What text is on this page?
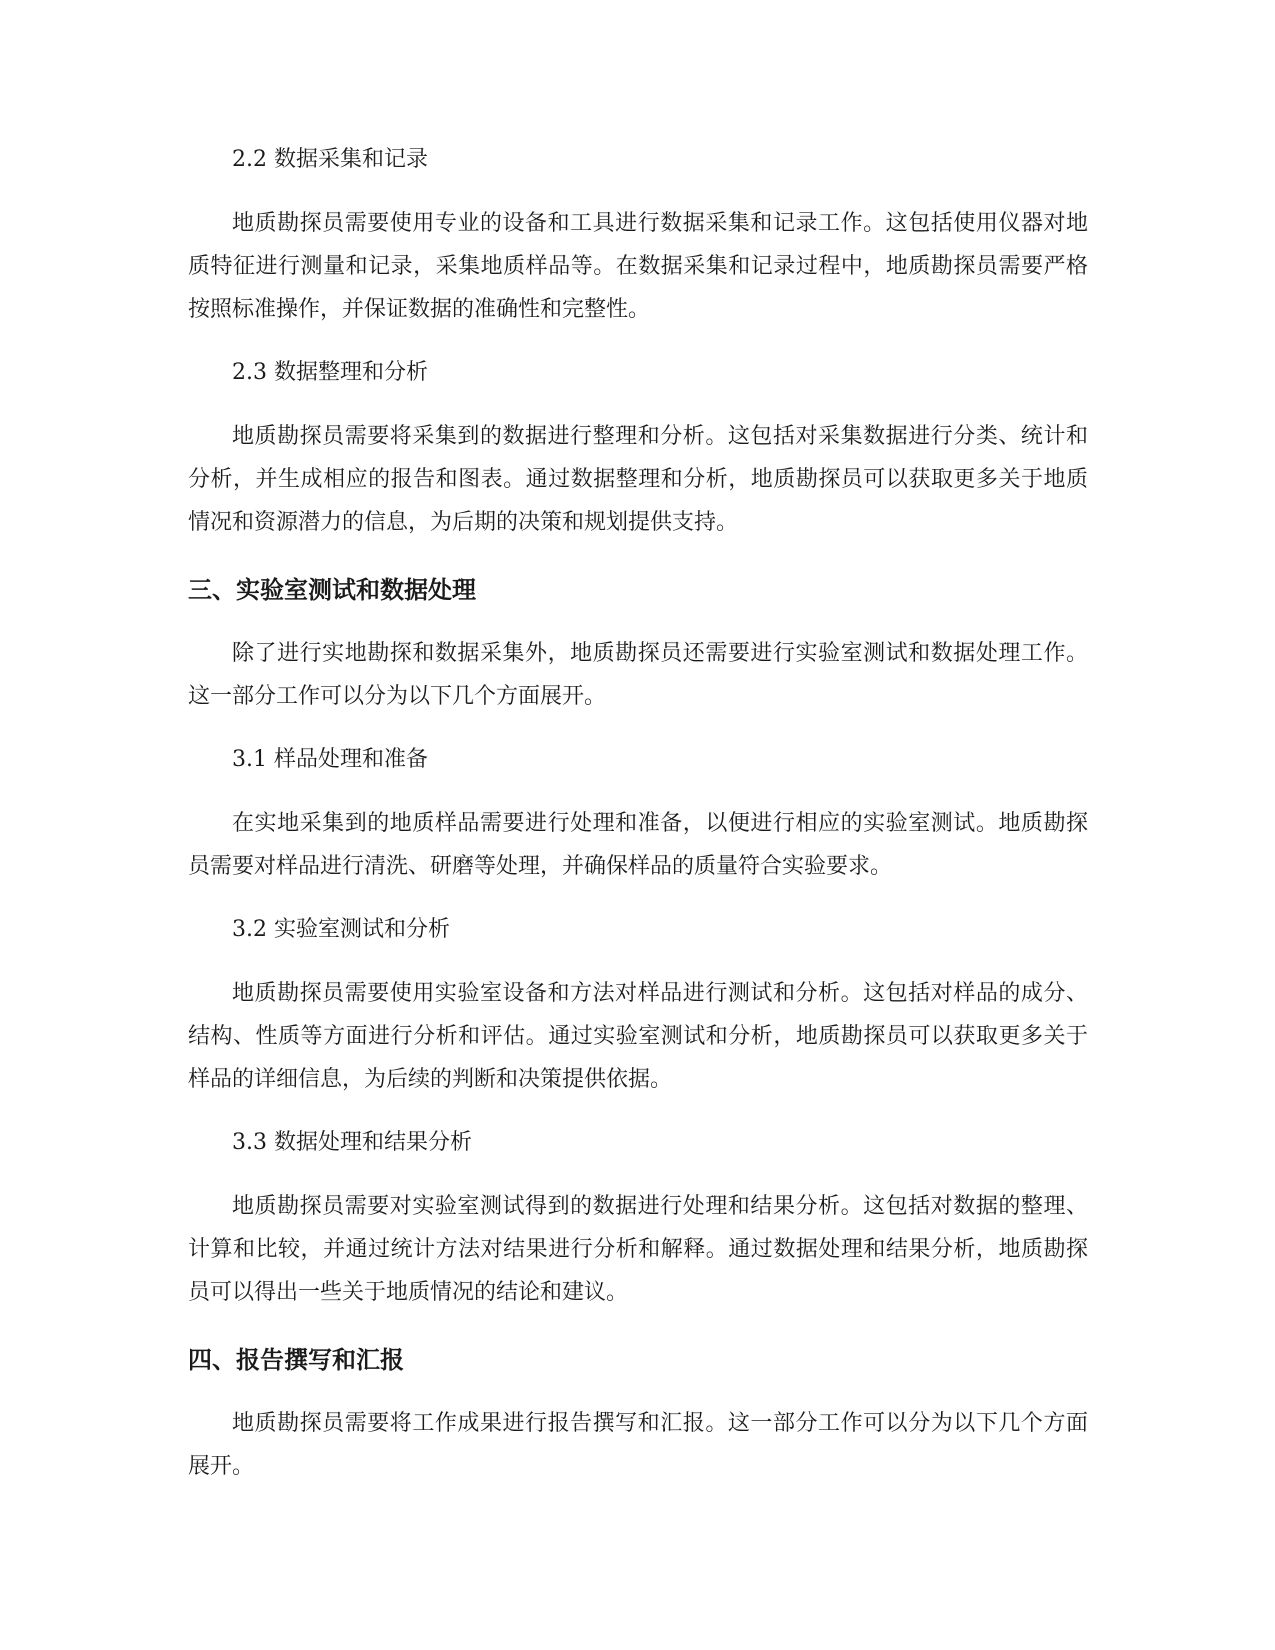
2.2 数据采集和记录
地质勘探员需要使用专业的设备和工具进行数据采集和记录工作。这包括使用仪器对地质特征进行测量和记录，采集地质样品等。在数据采集和记录过程中，地质勘探员需要严格按照标准操作，并保证数据的准确性和完整性。
2.3 数据整理和分析
地质勘探员需要将采集到的数据进行整理和分析。这包括对采集数据进行分类、统计和分析，并生成相应的报告和图表。通过数据整理和分析，地质勘探员可以获取更多关于地质情况和资源潜力的信息，为后期的决策和规划提供支持。
三、实验室测试和数据处理
除了进行实地勘探和数据采集外，地质勘探员还需要进行实验室测试和数据处理工作。这一部分工作可以分为以下几个方面展开。
3.1 样品处理和准备
在实地采集到的地质样品需要进行处理和准备，以便进行相应的实验室测试。地质勘探员需要对样品进行清洗、研磨等处理，并确保样品的质量符合实验要求。
3.2 实验室测试和分析
地质勘探员需要使用实验室设备和方法对样品进行测试和分析。这包括对样品的成分、结构、性质等方面进行分析和评估。通过实验室测试和分析，地质勘探员可以获取更多关于样品的详细信息，为后续的判断和决策提供依据。
3.3 数据处理和结果分析
地质勘探员需要对实验室测试得到的数据进行处理和结果分析。这包括对数据的整理、计算和比较，并通过统计方法对结果进行分析和解释。通过数据处理和结果分析，地质勘探员可以得出一些关于地质情况的结论和建议。
四、报告撰写和汇报
地质勘探员需要将工作成果进行报告撰写和汇报。这一部分工作可以分为以下几个方面展开。
